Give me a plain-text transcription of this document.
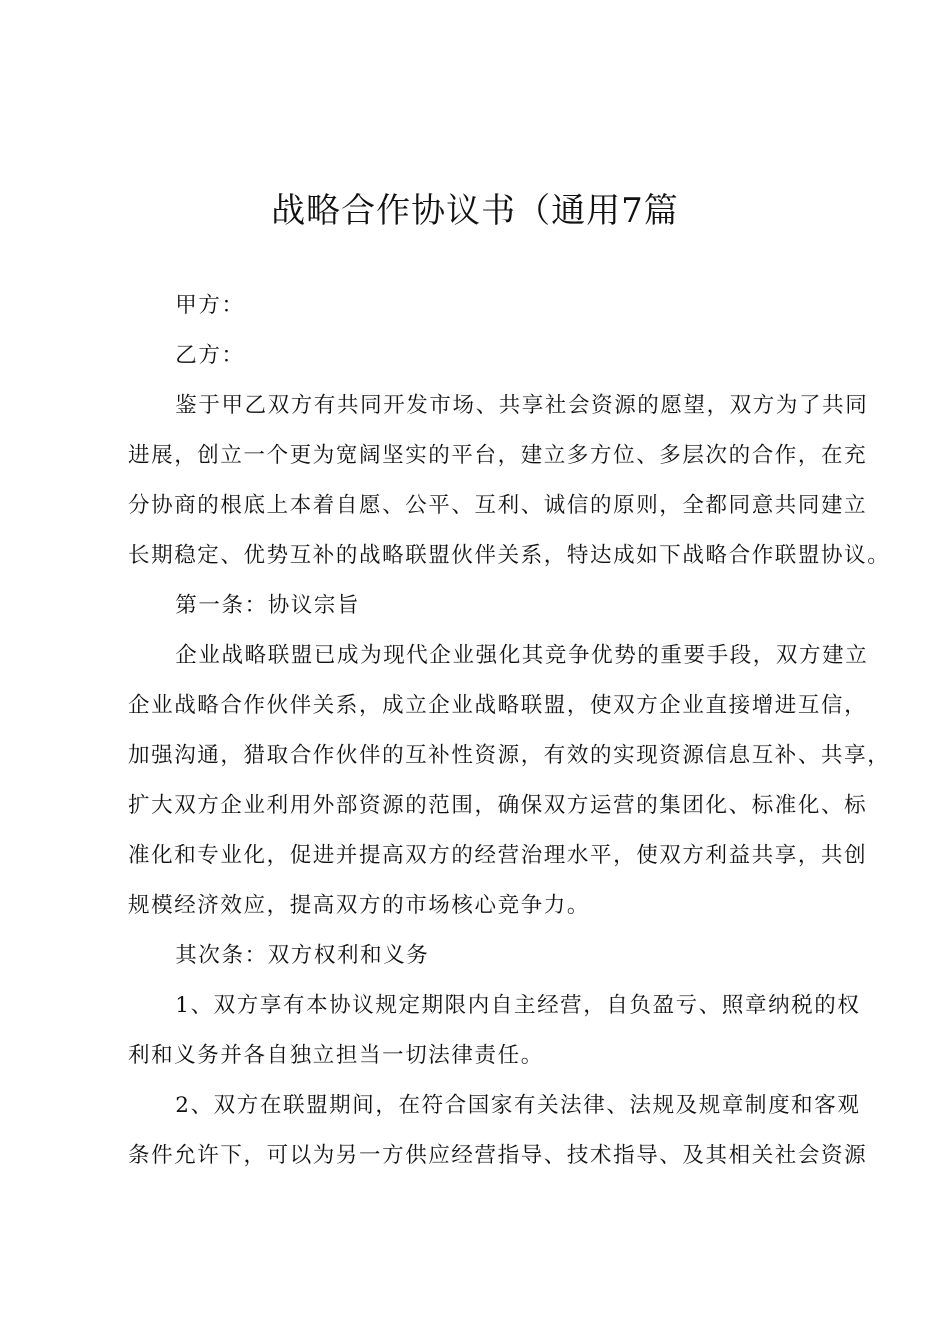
战略合作协议书（通用7篇
甲方：
乙方：
鉴于甲乙双方有共同开发市场、共享社会资源的愿望，双方为了共同
进展，创立一个更为宽阔坚实的平台，建立多方位、多层次的合作，在充
分协商的根底上本着自愿、公平、互利、诚信的原则，全都同意共同建立
长期稳定、优势互补的战略联盟伙伴关系，特达成如下战略合作联盟协议。
第一条：协议宗旨
企业战略联盟已成为现代企业强化其竞争优势的重要手段，双方建立
企业战略合作伙伴关系，成立企业战略联盟，使双方企业直接增进互信，
加强沟通，猎取合作伙伴的互补性资源，有效的实现资源信息互补、共享，
扩大双方企业利用外部资源的范围，确保双方运营的集团化、标准化、标
准化和专业化，促进并提高双方的经营治理水平，使双方利益共享，共创
规模经济效应，提高双方的市场核心竞争力。
其次条：双方权利和义务
1、双方享有本协议规定期限内自主经营，自负盈亏、照章纳税的权
利和义务并各自独立担当一切法律责任。
2、双方在联盟期间，在符合国家有关法律、法规及规章制度和客观
条件允许下，可以为另一方供应经营指导、技术指导、及其相关社会资源
